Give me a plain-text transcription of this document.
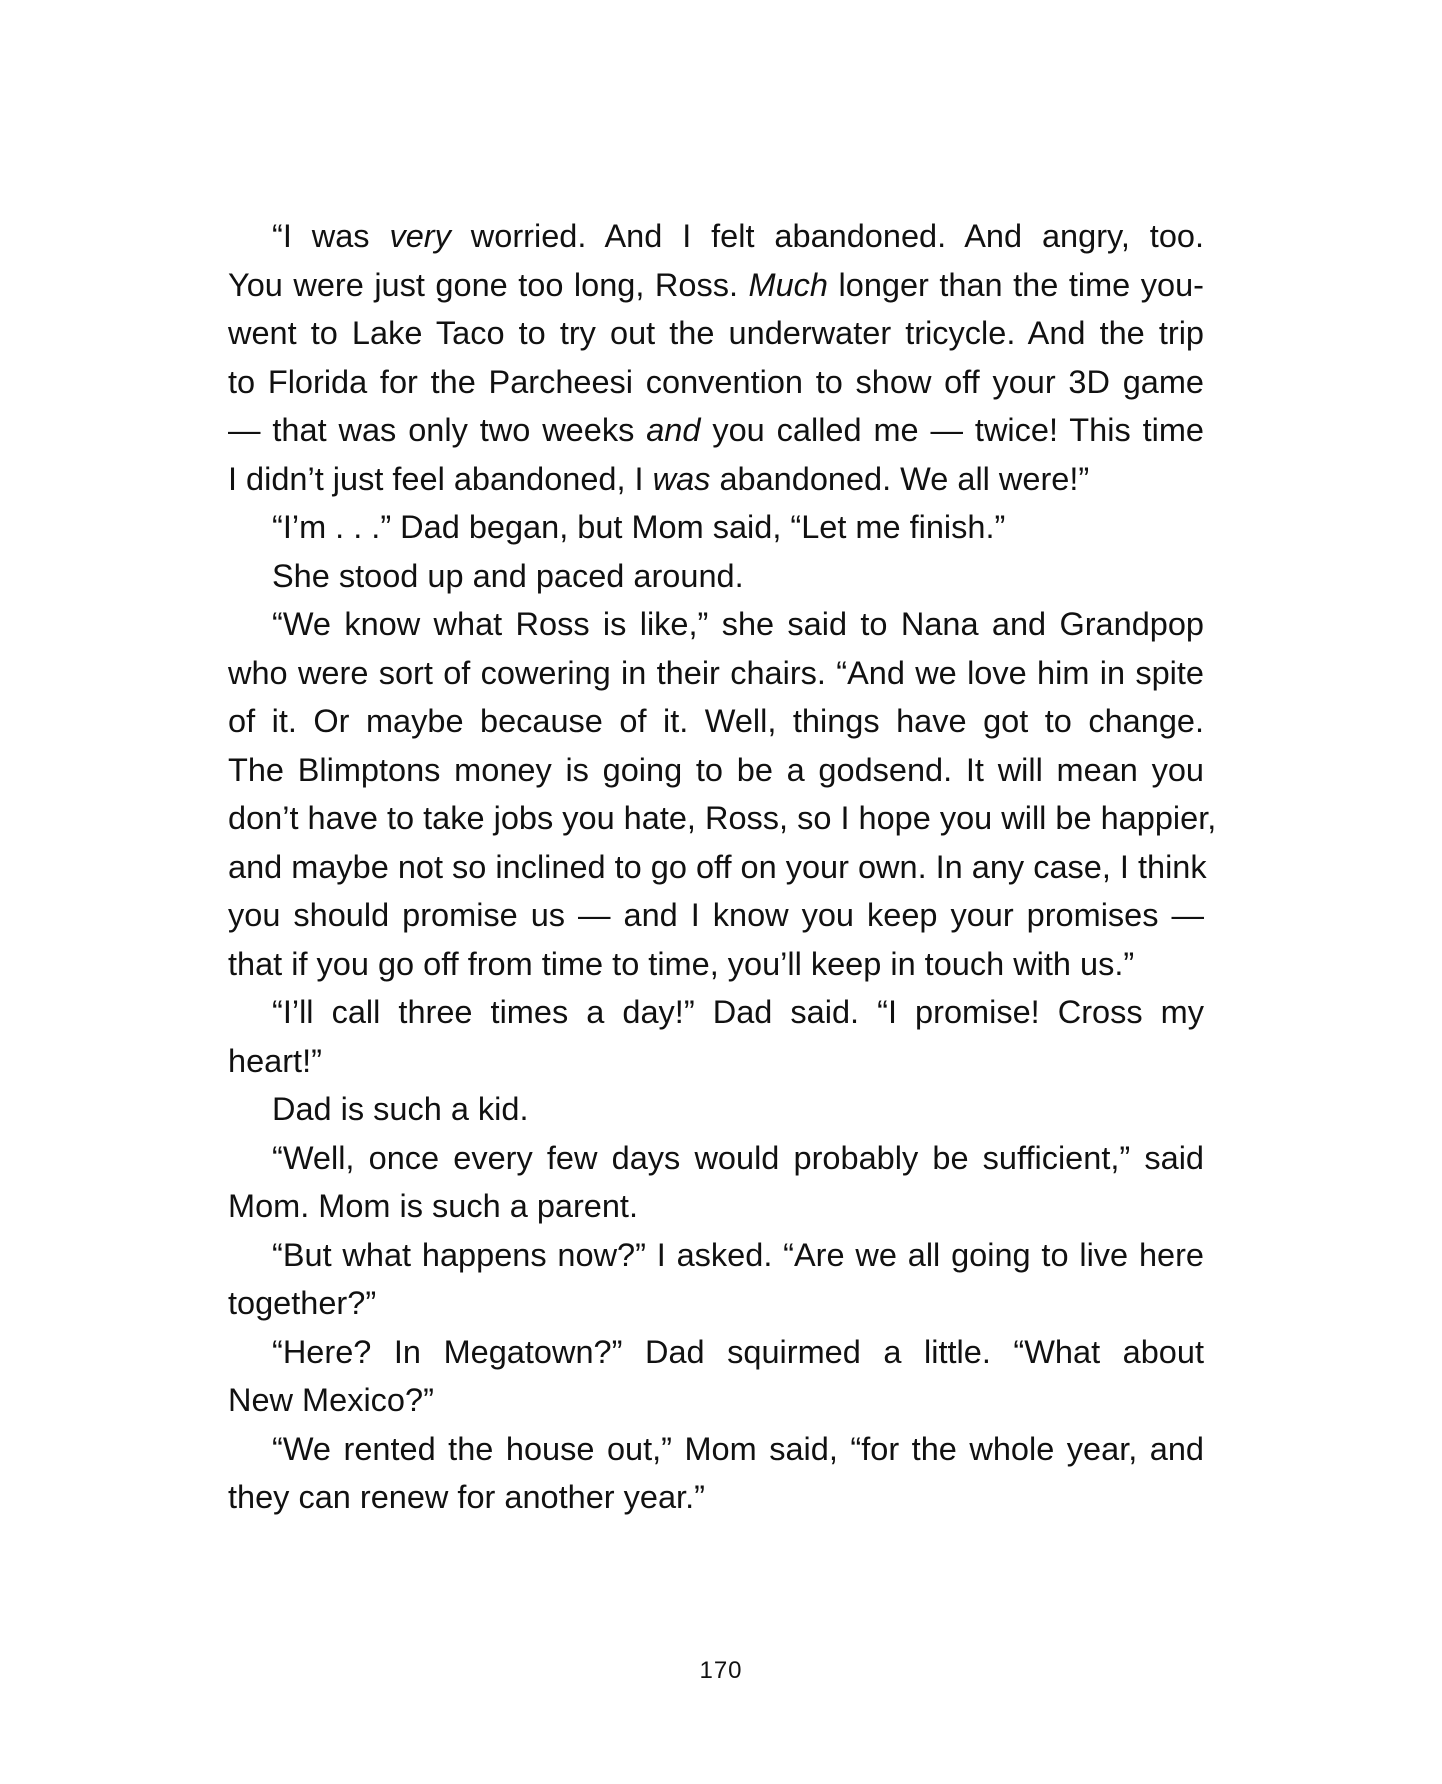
“I was very worried. And I felt abandoned. And angry, too.
You were just gone too long, Ross. Much longer than the time you-
went to Lake Taco to try out the underwater tricycle. And the trip
to Florida for the Parcheesi convention to show off your 3D game
— that was only two weeks and you called me — twice! This time
I didn’t just feel abandoned, I was abandoned. We all were!”
“I’m . . .” Dad began, but Mom said, “Let me finish.”
She stood up and paced around.
“We know what Ross is like,” she said to Nana and Grandpop
who were sort of cowering in their chairs. “And we love him in spite
of it. Or maybe because of it. Well, things have got to change.
The Blimptons money is going to be a godsend. It will mean you
don’t have to take jobs you hate, Ross, so I hope you will be happier,
and maybe not so inclined to go off on your own. In any case, I think
you should promise us — and I know you keep your promises —
that if you go off from time to time, you’ll keep in touch with us.”
“I’ll call three times a day!” Dad said. “I promise! Cross my
heart!”
Dad is such a kid.
“Well, once every few days would probably be sufficient,” said
Mom. Mom is such a parent.
“But what happens now?” I asked. “Are we all going to live here
together?”
“Here? In Megatown?” Dad squirmed a little. “What about
New Mexico?”
“We rented the house out,” Mom said, “for the whole year, and
they can renew for another year.”
170
